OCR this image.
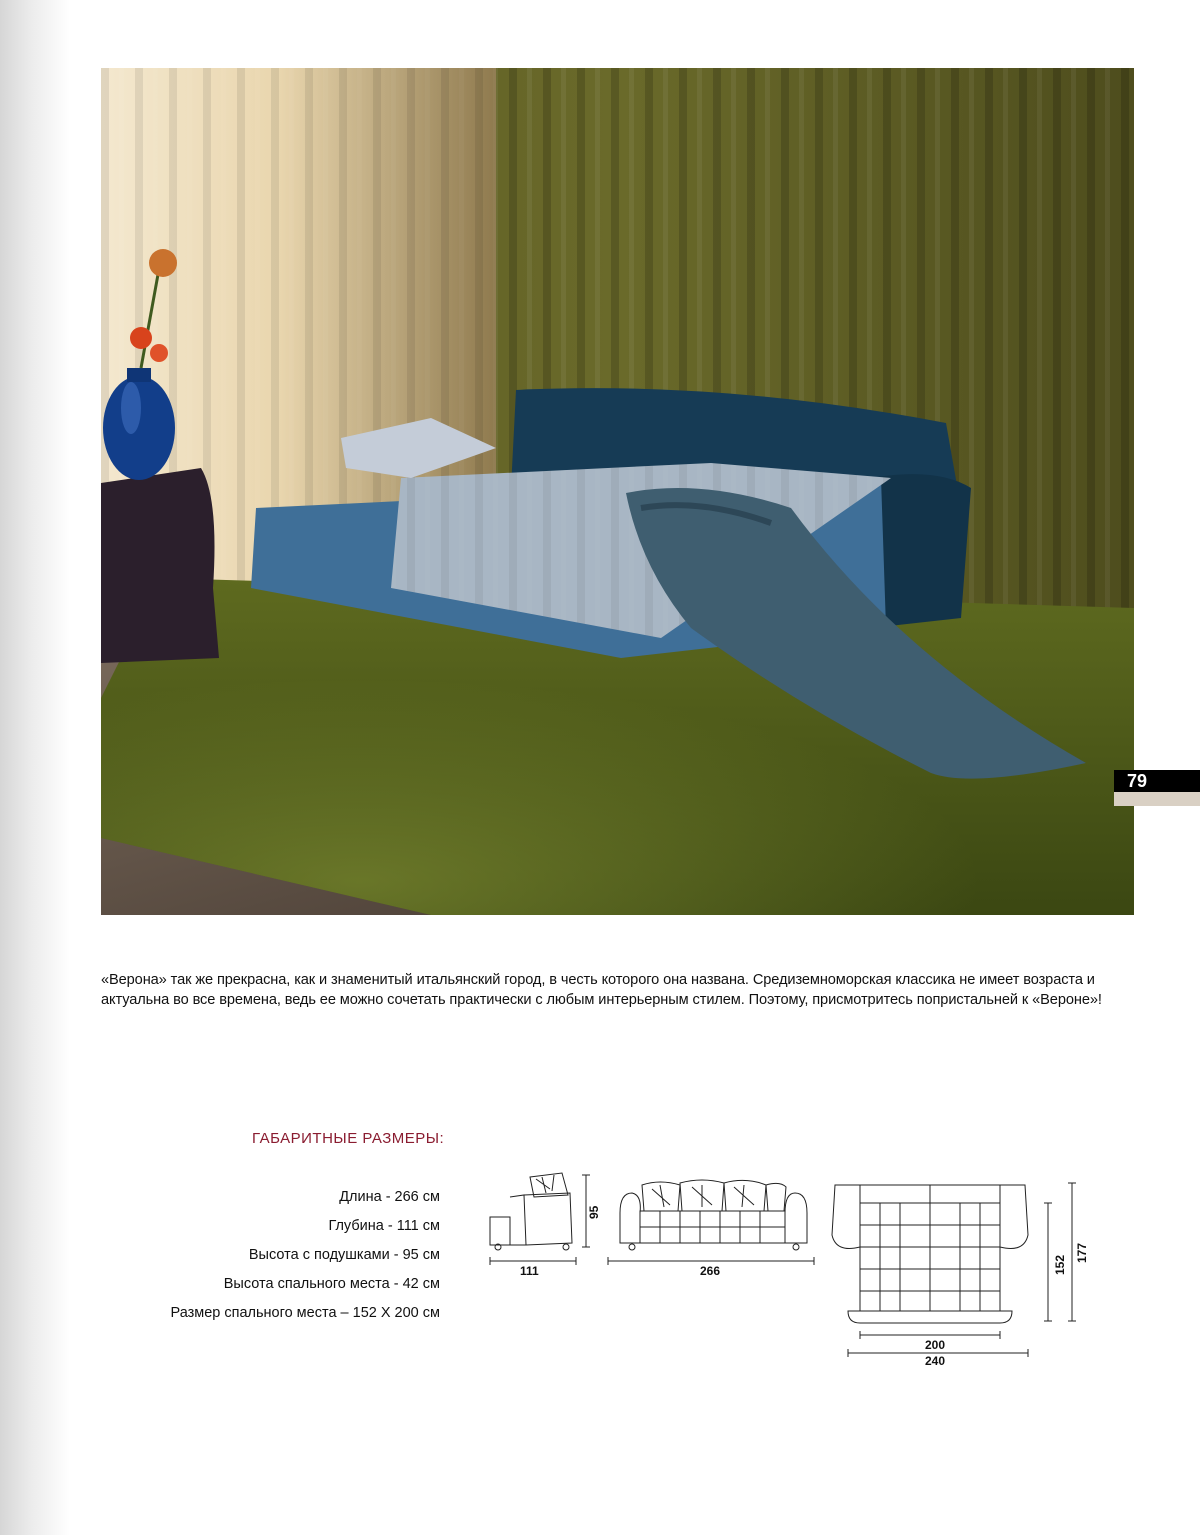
79
«Верона» так же прекрасна, как и знаменитый итальянский город, в честь которого она названа. Средиземноморская классика не имеет возраста и актуальна во все времена, ведь ее можно сочетать практически с любым интерьерным стилем. Поэтому, присмотритесь попристальней к «Вероне»!
ГАБАРИТНЫЕ РАЗМЕРЫ:
Длина - 266 см
Глубина - 111 см
Высота с подушками - 95 см
Высота спального места - 42 см
Размер спального места – 152 Х 200 см
111
95
266
200
240
152
177
